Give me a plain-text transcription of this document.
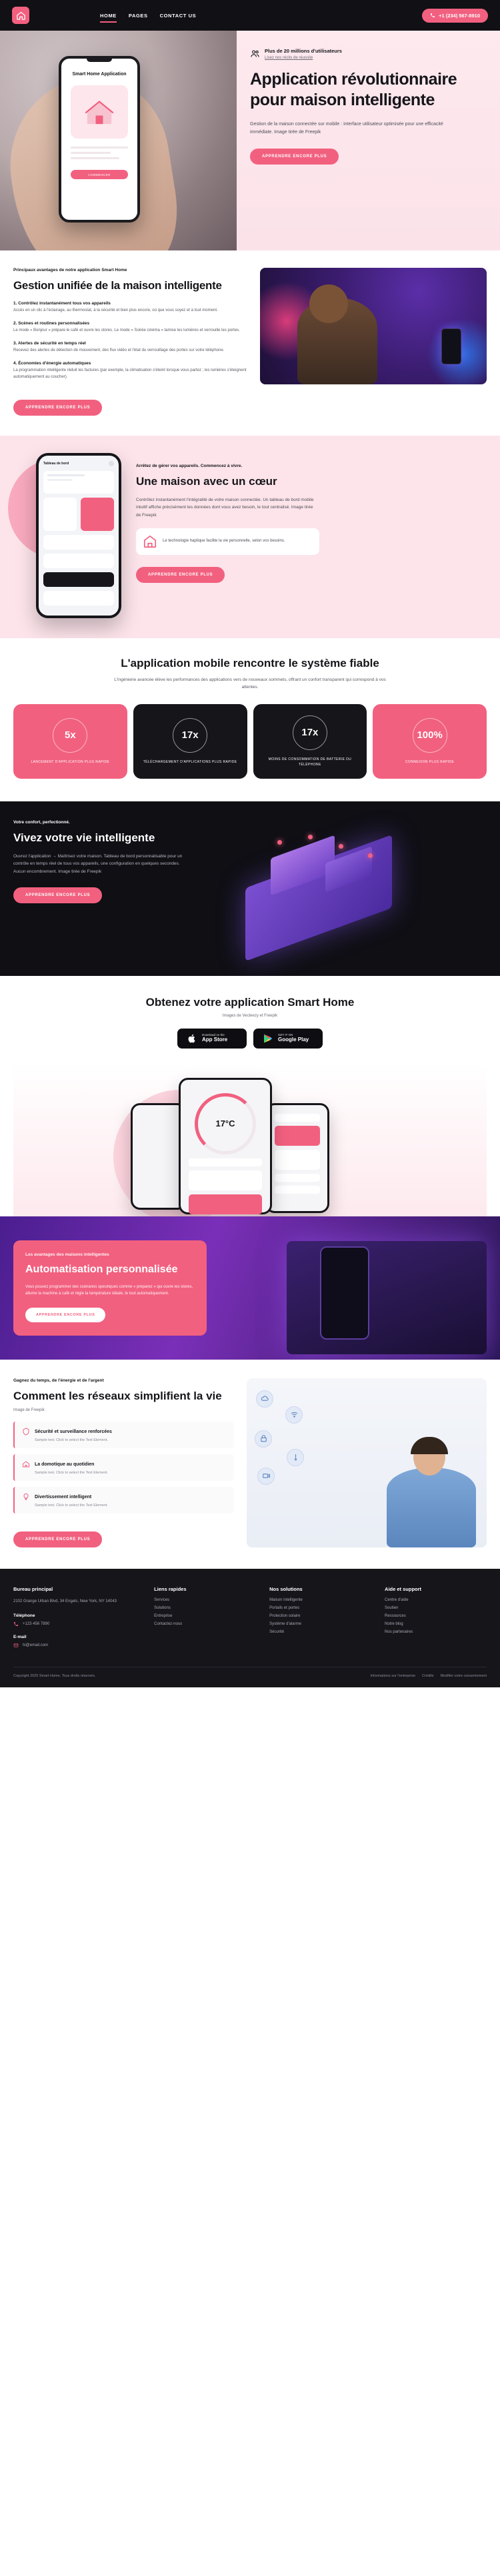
HOME PAGES CONTACT US	+1 (234) 567-8910
Smart Home Application
COMMENCER
Plus de 20 millions d'utilisateurs
Lisez nos récits de réussite
Application révolutionnaire pour maison intelligente

Gestion de la maison connectée sur mobile : interface utilisateur optimisée pour une efficacité immédiate. Image tirée de Freepik

APPRENDRE ENCORE PLUS
Principaux avantages de notre application Smart Home
Gestion unifiée de la maison intelligente
1. Contrôlez instantanément tous vos appareils
Accès en un clic à l'éclairage, au thermostat, à la sécurité et bien plus encore, où que vous soyez et à tout moment.
2. Scènes et routines personnalisées
Le mode « Bonjour » prépare le café et ouvre les stores. Le mode « Soirée cinéma » tamise les lumières et verrouille les portes.
3. Alertes de sécurité en temps réel
Recevez des alertes de détection de mouvement, des flux vidéo et l'état du verrouillage des portes sur votre téléphone.
4. Économies d'énergie automatiques
La programmation intelligente réduit les factures (par exemple, la climatisation s'éteint lorsque vous partez ; les lumières s'éteignent automatiquement au coucher).
APPRENDRE ENCORE PLUS
Tableau de bord	Arrêtez de gérer vos appareils. Commencez à vivre.
Une maison avec un cœur

Contrôlez instantanément l'intégralité de votre maison connectée. Un tableau de bord mobile intuitif affiche précisément les données dont vous avez besoin, le tout centralisé. Image tirée de Freepik

Le technologie haptique facilite la vie personnelle, selon vos besoins.

APPRENDRE ENCORE PLUS
L'application mobile rencontre le système fiable

L'ingénierie avancée élève les performances des applications vers de nouveaux sommets, offrant un confort transparent qui correspond à vos attentes.

5x
LANCEMENT D'APPLICATION PLUS RAPIDE
17x
TÉLÉCHARGEMENT D'APPLICATIONS PLUS RAPIDE
17x
MOINS DE CONSOMMATION DE BATTERIE DU TÉLÉPHONE
100%
CONNEXION PLUS RAPIDE
Votre confort, perfectionné.
Vivez votre vie intelligente

Ouvrez l'application → Maîtrisez votre maison. Tableau de bord personnalisable pour un contrôle en temps réel de tous vos appareils, une configuration en quelques secondes. Aucun encombrement. Image tirée de Freepik

APPRENDRE ENCORE PLUS
Obtenez votre application Smart Home
Images de Vecteezy et Freepik
Download on the
App Store
GET IT ON
Google Play
17°C
Les avantages des maisons intelligentes
Automatisation personnalisée

Vous pouvez programmer des scénarios spécifiques comme « préparez » qui ouvre les stores, allume la machine à café et règle la température idéale, le tout automatiquement.

APPRENDRE ENCORE PLUS
Gagnez du temps, de l'énergie et de l'argent
Comment les réseaux simplifient la vie
Image de Freepik
Sécurité et surveillance renforcées
Sample text. Click to select the Text Element.
La domotique au quotidien
Sample text. Click to select the Text Element.
Divertissement intelligent
Sample text. Click to select the Text Element.
APPRENDRE ENCORE PLUS
Bureau principal
2102 Grange Urban Blvd, 34 Engels, New York, NY 14043
Téléphone
+123 456 7890
E-mail
hi@email.com
Liens rapides
Services
Solutions
Entreprise
Contactez-nous
Nos solutions
Maison intelligente
Portails et portes
Protection solaire
Système d'alarme
Sécurité
Aide et support
Centre d'aide
Soutien
Ressources
Notre blog
Nos partenaires
Copyright 2025 Smart Home. Tous droits réservés.	Informations sur l'entreprise Crédits Modifier votre consentement
